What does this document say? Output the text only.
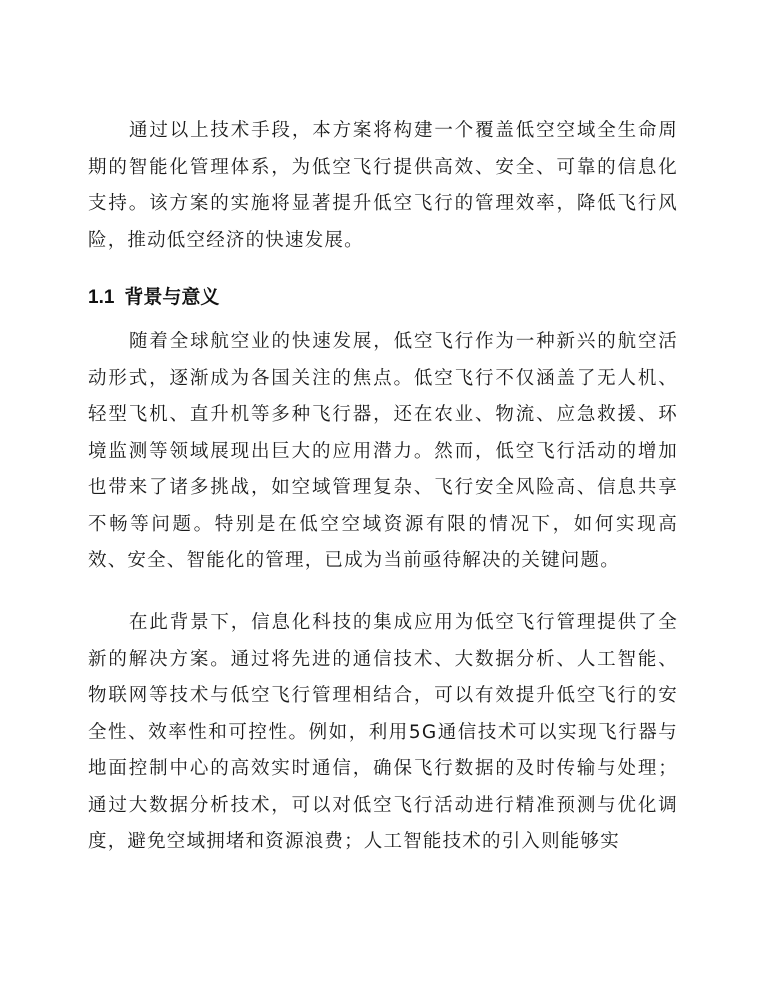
通过以上技术手段，本方案将构建一个覆盖低空空域全生命周期的智能化管理体系，为低空飞行提供高效、安全、可靠的信息化支持。该方案的实施将显著提升低空飞行的管理效率，降低飞行风险，推动低空经济的快速发展。

1.1 背景与意义

随着全球航空业的快速发展，低空飞行作为一种新兴的航空活动形式，逐渐成为各国关注的焦点。低空飞行不仅涵盖了无人机、轻型飞机、直升机等多种飞行器，还在农业、物流、应急救援、环境监测等领域展现出巨大的应用潜力。然而，低空飞行活动的增加也带来了诸多挑战，如空域管理复杂、飞行安全风险高、信息共享不畅等问题。特别是在低空空域资源有限的情况下，如何实现高效、安全、智能化的管理，已成为当前亟待解决的关键问题。

在此背景下，信息化科技的集成应用为低空飞行管理提供了全新的解决方案。通过将先进的通信技术、大数据分析、人工智能、物联网等技术与低空飞行管理相结合，可以有效提升低空飞行的安全性、效率性和可控性。例如，利用5G通信技术可以实现飞行器与地面控制中心的高效实时通信，确保飞行数据的及时传输与处理；通过大数据分析技术，可以对低空飞行活动进行精准预测与优化调度，避免空域拥堵和资源浪费；人工智能技术的引入则能够实
